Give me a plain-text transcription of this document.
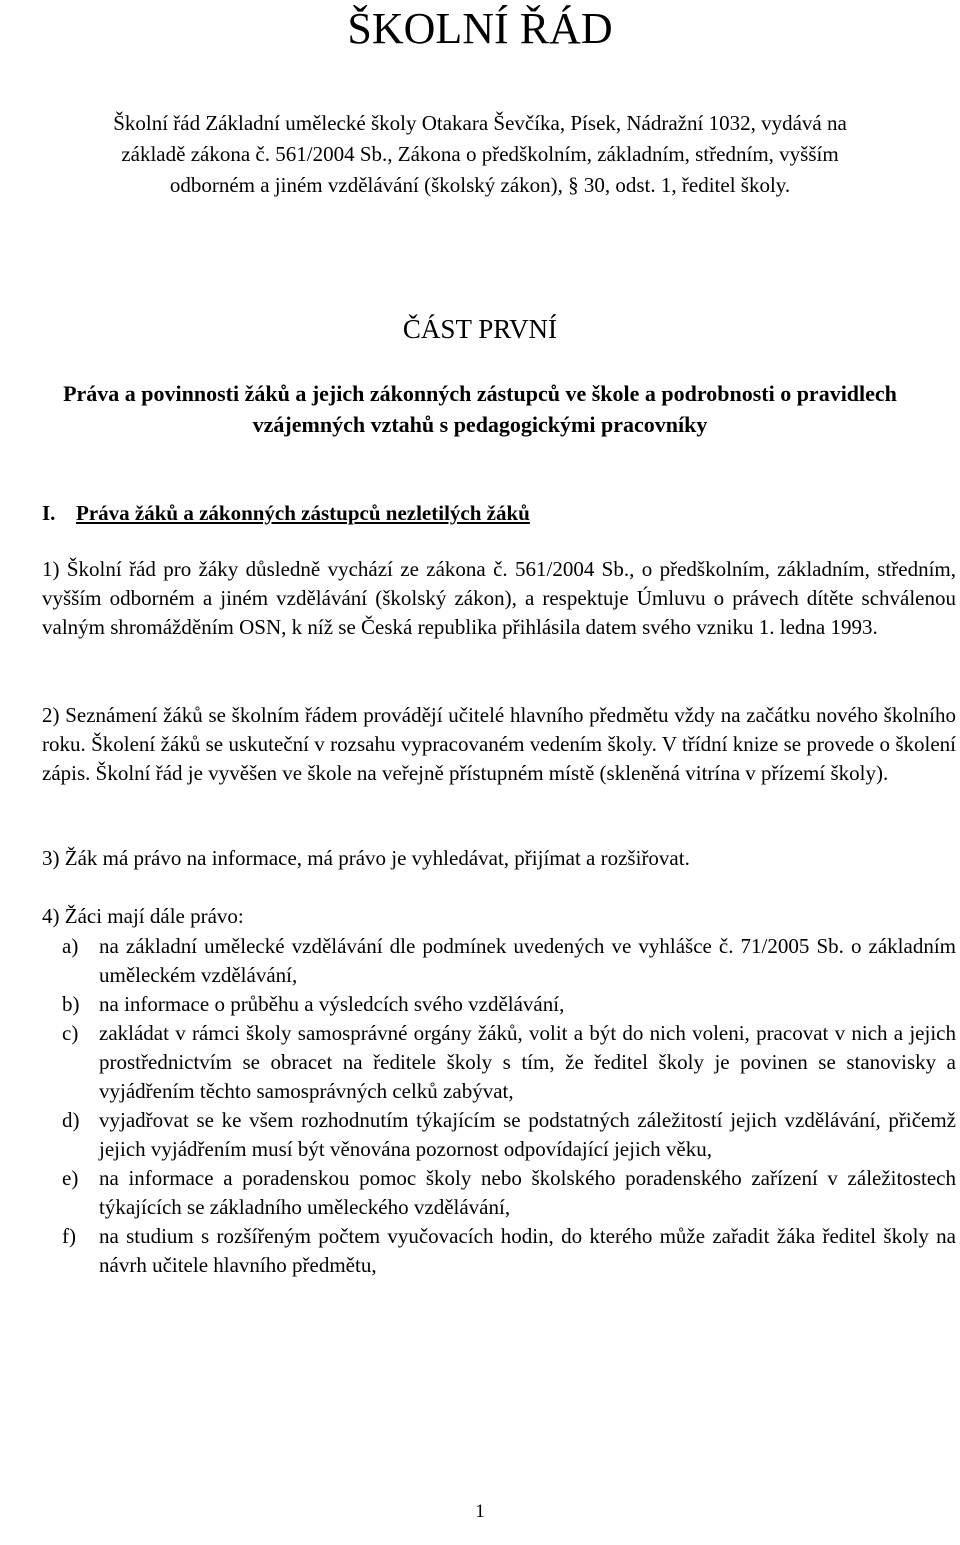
ŠKOLNÍ ŘÁD

Školní řád Základní umělecké školy Otakara Ševčíka, Písek, Nádražní 1032, vydává na základě zákona č. 561/2004 Sb., Zákona o předškolním, základním, středním, vyšším odborném a jiném vzdělávání (školský zákon), § 30, odst. 1, ředitel školy.

ČÁST PRVNÍ

Práva a povinnosti žáků a jejich zákonných zástupců ve škole a podrobnosti o pravidlech vzájemných vztahů s pedagogickými pracovníky

I. Práva žáků a zákonných zástupců nezletilých žáků

1) Školní řád pro žáky důsledně vychází ze zákona č. 561/2004 Sb., o předškolním, základním, středním, vyšším odborném a jiném vzdělávání (školský zákon), a respektuje Úmluvu o právech dítěte schválenou valným shromážděním OSN, k níž se Česká republika přihlásila datem svého vzniku 1. ledna 1993.

2) Seznámení žáků se školním řádem provádějí učitelé hlavního předmětu vždy na začátku nového školního roku. Školení žáků se uskuteční v rozsahu vypracovaném vedením školy. V třídní knize se provede o školení zápis. Školní řád je vyvěšen ve škole na veřejně přístupném místě (skleněná vitrína v přízemí školy).

3) Žák má právo na informace, má právo je vyhledávat, přijímat a rozšiřovat.

4) Žáci mají dále právo:

a) na základní umělecké vzdělávání dle podmínek uvedených ve vyhlášce č. 71/2005 Sb. o základním uměleckém vzdělávání,
b) na informace o průběhu a výsledcích svého vzdělávání,
c) zakládat v rámci školy samosprávné orgány žáků, volit a být do nich voleni, pracovat v nich a jejich prostřednictvím se obracet na ředitele školy s tím, že ředitel školy je povinen se stanovisky a vyjádřením těchto samosprávných celků zabývat,
d) vyjadřovat se ke všem rozhodnutím týkajícím se podstatných záležitostí jejich vzdělávání, přičemž jejich vyjádřením musí být věnována pozornost odpovídající jejich věku,
e) na informace a poradenskou pomoc školy nebo školského poradenského zařízení v záležitostech týkajících se základního uměleckého vzdělávání,
f) na studium s rozšířeným počtem vyučovacích hodin, do kterého může zařadit žáka ředitel školy na návrh učitele hlavního předmětu,
1
